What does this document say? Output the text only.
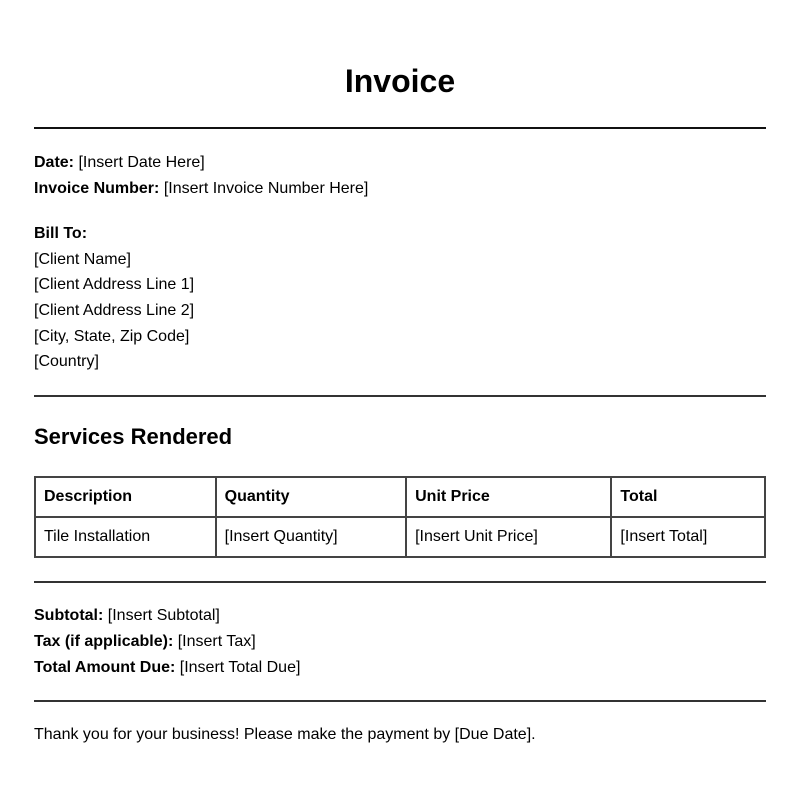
Invoice
Date: [Insert Date Here]
Invoice Number: [Insert Invoice Number Here]
Bill To:
[Client Name]
[Client Address Line 1]
[Client Address Line 2]
[City, State, Zip Code]
[Country]
Services Rendered
Description	Quantity	Unit Price	Total
Tile Installation	[Insert Quantity]	[Insert Unit Price]	[Insert Total]
Subtotal: [Insert Subtotal]
Tax (if applicable): [Insert Tax]
Total Amount Due: [Insert Total Due]
Thank you for your business! Please make the payment by [Due Date].
